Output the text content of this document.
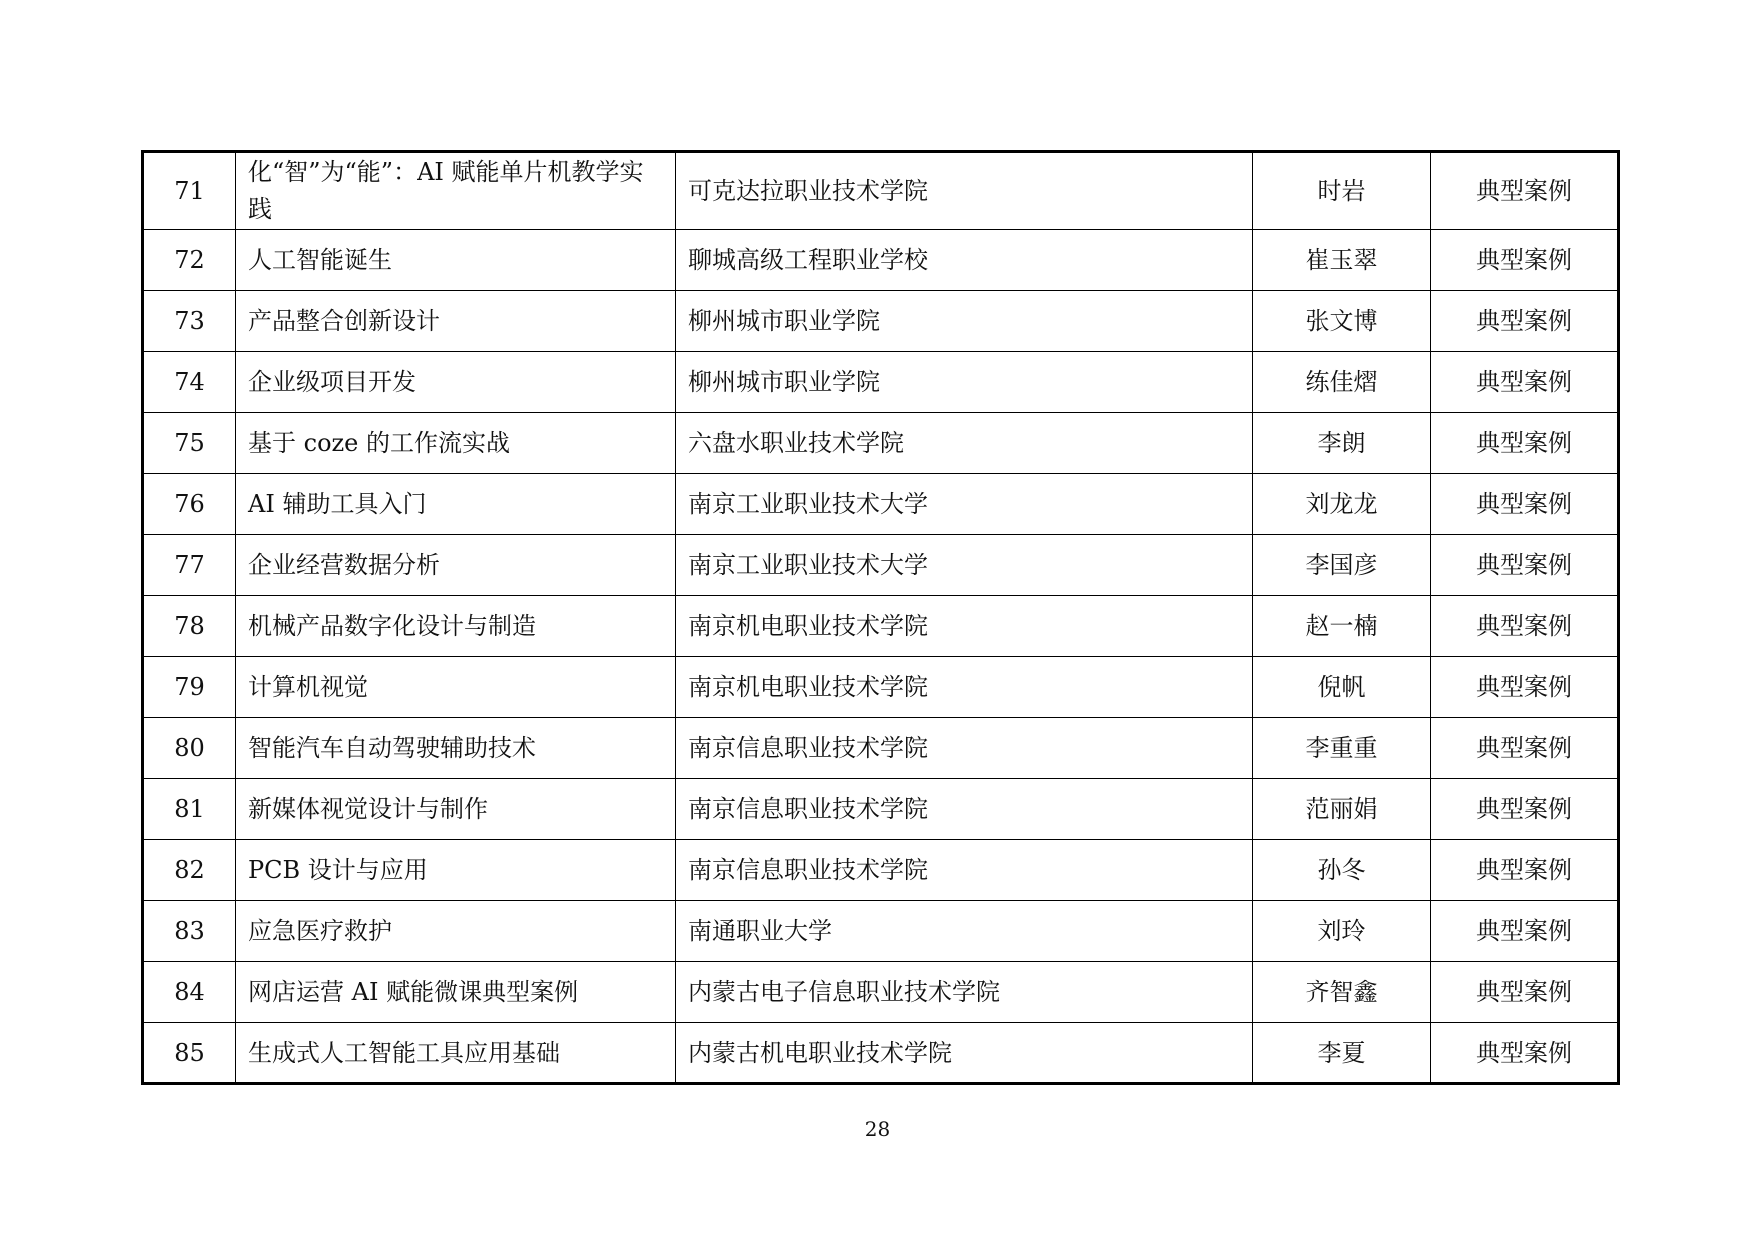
71	化“智”为“能”：AI 赋能单片机教学实践	可克达拉职业技术学院	时岩	典型案例
72	人工智能诞生	聊城高级工程职业学校	崔玉翠	典型案例
73	产品整合创新设计	柳州城市职业学院	张文博	典型案例
74	企业级项目开发	柳州城市职业学院	练佳熠	典型案例
75	基于 coze 的工作流实战	六盘水职业技术学院	李朗	典型案例
76	AI 辅助工具入门	南京工业职业技术大学	刘龙龙	典型案例
77	企业经营数据分析	南京工业职业技术大学	李国彦	典型案例
78	机械产品数字化设计与制造	南京机电职业技术学院	赵一楠	典型案例
79	计算机视觉	南京机电职业技术学院	倪帆	典型案例
80	智能汽车自动驾驶辅助技术	南京信息职业技术学院	李重重	典型案例
81	新媒体视觉设计与制作	南京信息职业技术学院	范丽娟	典型案例
82	PCB 设计与应用	南京信息职业技术学院	孙冬	典型案例
83	应急医疗救护	南通职业大学	刘玲	典型案例
84	网店运营 AI 赋能微课典型案例	内蒙古电子信息职业技术学院	齐智鑫	典型案例
85	生成式人工智能工具应用基础	内蒙古机电职业技术学院	李夏	典型案例
28
